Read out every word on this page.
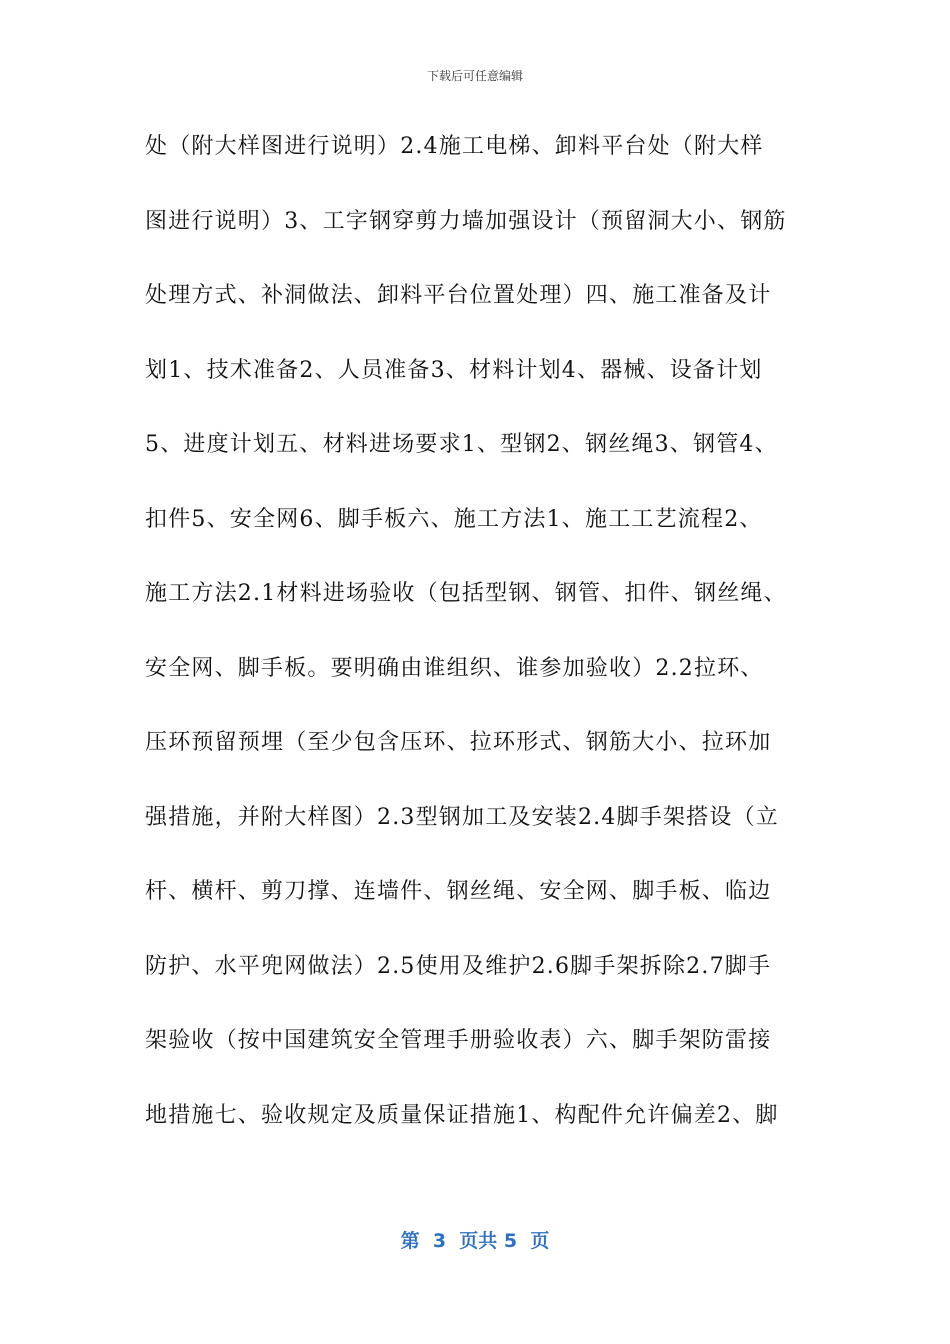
下载后可任意编辑
处（附大样图进行说明）2.4施工电梯、卸料平台处（附大样
图进行说明）3、工字钢穿剪力墙加强设计（预留洞大小、钢筋
处理方式、补洞做法、卸料平台位置处理）四、施工准备及计
划1、技术准备2、人员准备3、材料计划4、器械、设备计划
5、进度计划五、材料进场要求1、型钢2、钢丝绳3、钢管4、
扣件5、安全网6、脚手板六、施工方法1、施工工艺流程2、
施工方法2.1材料进场验收（包括型钢、钢管、扣件、钢丝绳、
安全网、脚手板。要明确由谁组织、谁参加验收）2.2拉环、
压环预留预埋（至少包含压环、拉环形式、钢筋大小、拉环加
强措施，并附大样图）2.3型钢加工及安装2.4脚手架搭设（立
杆、横杆、剪刀撑、连墙件、钢丝绳、安全网、脚手板、临边
防护、水平兜网做法）2.5使用及维护2.6脚手架拆除2.7脚手
架验收（按中国建筑安全管理手册验收表）六、脚手架防雷接
地措施七、验收规定及质量保证措施1、构配件允许偏差2、脚
第  3  页共 5  页
